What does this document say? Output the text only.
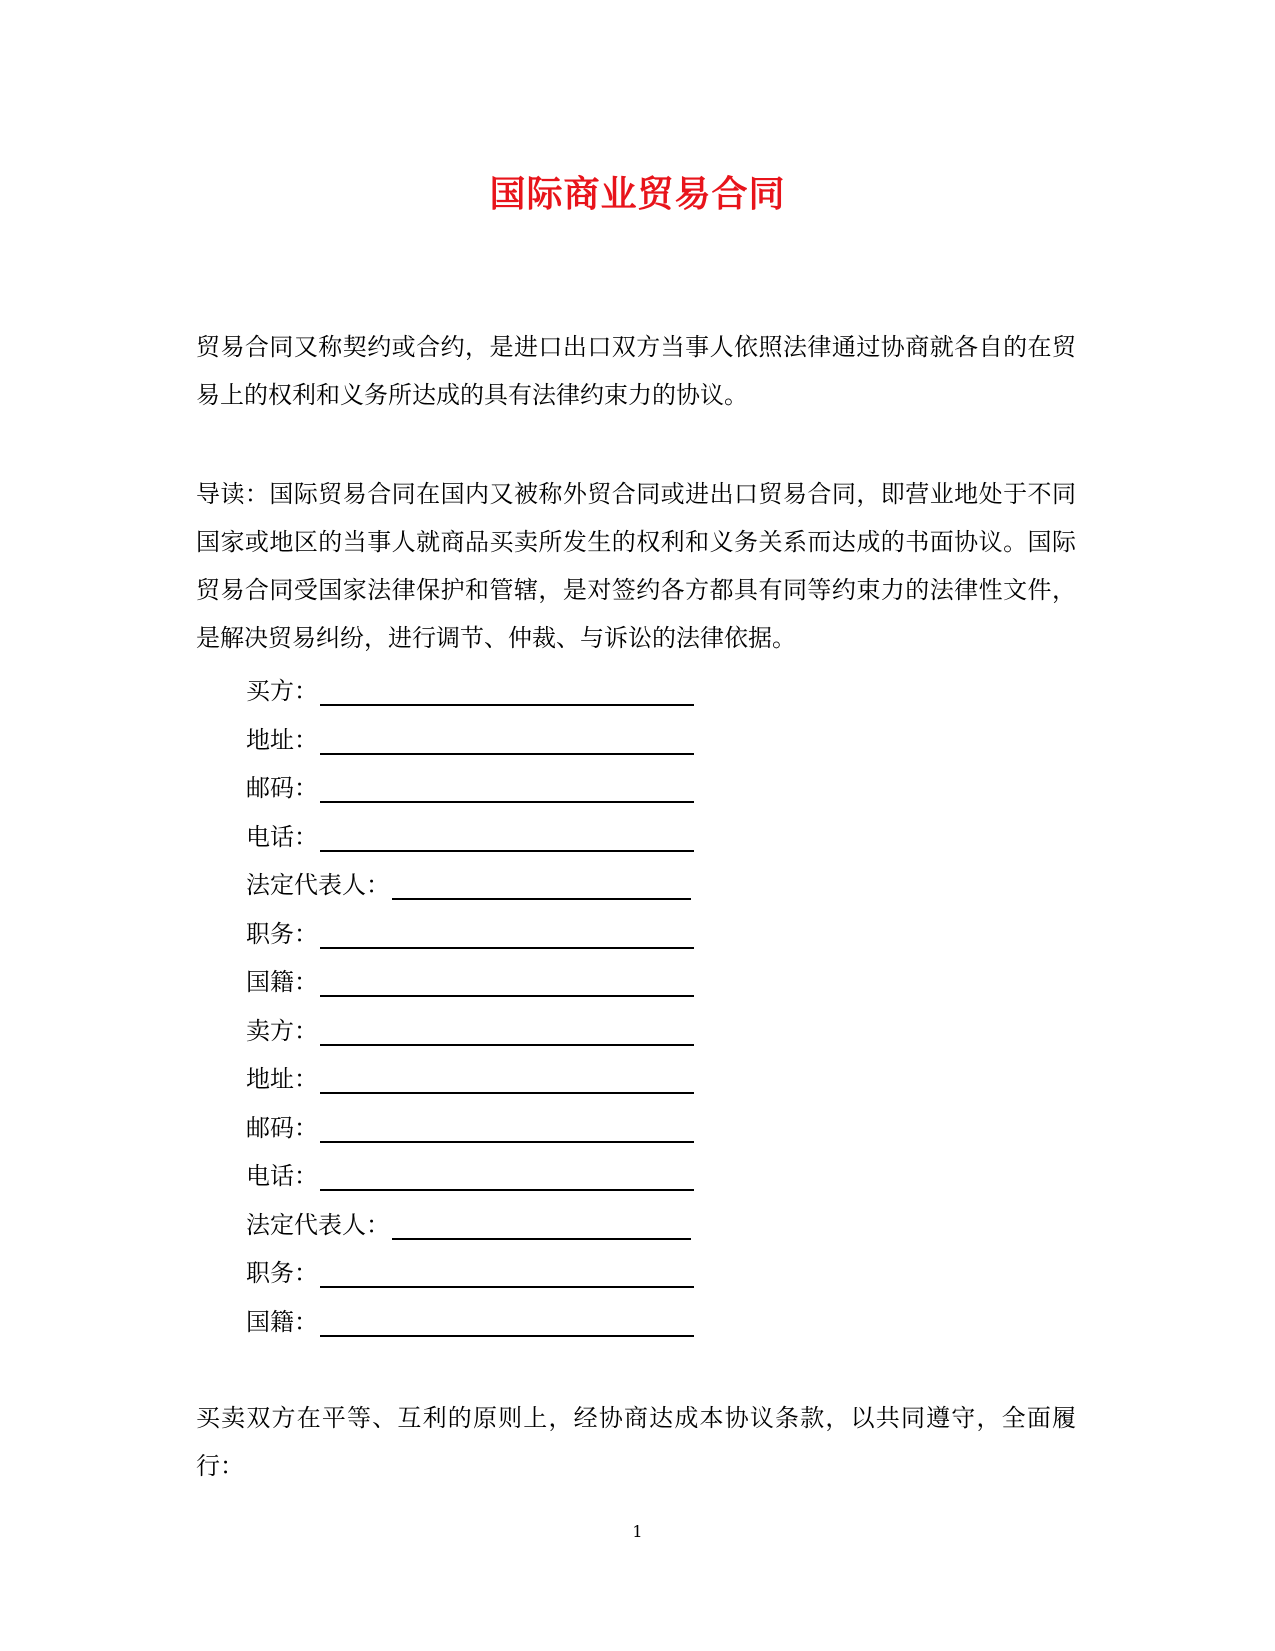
国际商业贸易合同

贸易合同又称契约或合约，是进口出口双方当事人依照法律通过协商就各自的在贸易上的权利和义务所达成的具有法律约束力的协议。

导读：国际贸易合同在国内又被称外贸合同或进出口贸易合同，即营业地处于不同国家或地区的当事人就商品买卖所发生的权利和义务关系而达成的书面协议。国际贸易合同受国家法律保护和管辖，是对签约各方都具有同等约束力的法律性文件，是解决贸易纠纷，进行调节、仲裁、与诉讼的法律依据。

买方：
地址：
邮码：
电话：
法定代表人：
职务：
国籍：
卖方：
地址：
邮码：
电话：
法定代表人：
职务：
国籍：

买卖双方在平等、互利的原则上，经协商达成本协议条款，以共同遵守，全面履行：

1
